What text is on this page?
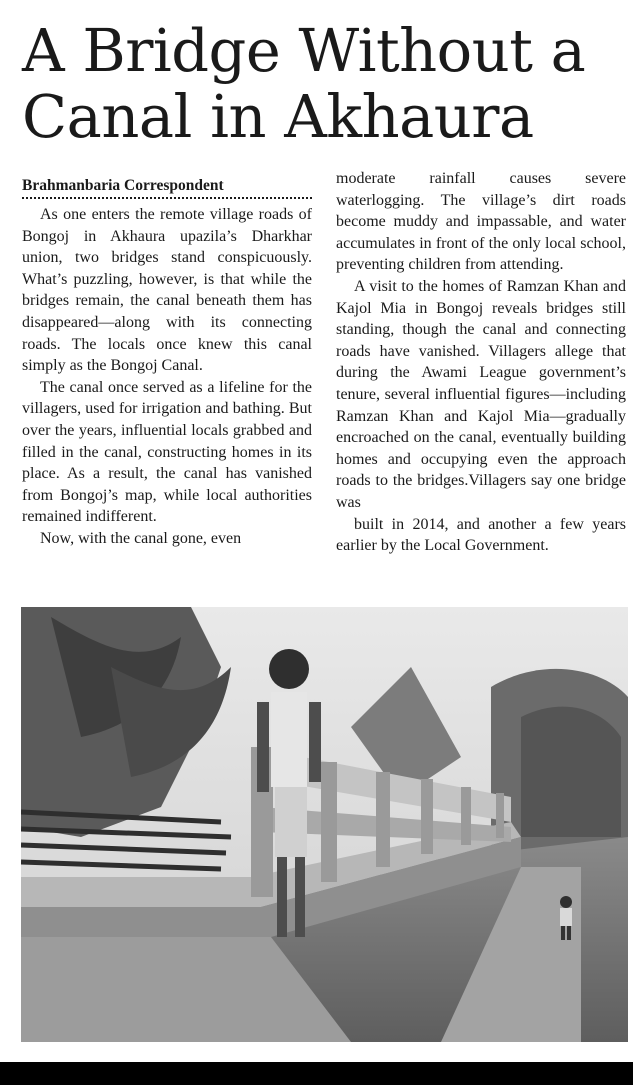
A Bridge Without a Canal in Akhaura
Brahmanbaria Correspondent

As one enters the remote village roads of Bongoj in Akhaura upazila’s Dharkhar union, two bridges stand conspicuously. What’s puzzling, however, is that while the bridges remain, the canal beneath them has disappeared—along with its connecting roads. The locals once knew this canal simply as the Bongoj Canal.

The canal once served as a lifeline for the villagers, used for irrigation and bathing. But over the years, influential locals grabbed and filled in the canal, constructing homes in its place. As a result, the canal has vanished from Bongoj’s map, while local authorities remained indifferent.

Now, with the canal gone, even

moderate rainfall causes severe waterlogging. The village’s dirt roads become muddy and impassable, and water accumulates in front of the only local school, preventing children from attending.

A visit to the homes of Ramzan Khan and Kajol Mia in Bongoj reveals bridges still standing, though the canal and connecting roads have vanished. Villagers allege that during the Awami League government’s tenure, several influential figures—including Ramzan Khan and Kajol Mia—gradually encroached on the canal, eventually building homes and occupying even the approach roads to the bridges.Villagers say one bridge was

built in 2014, and another a few years earlier by the Local Government.
